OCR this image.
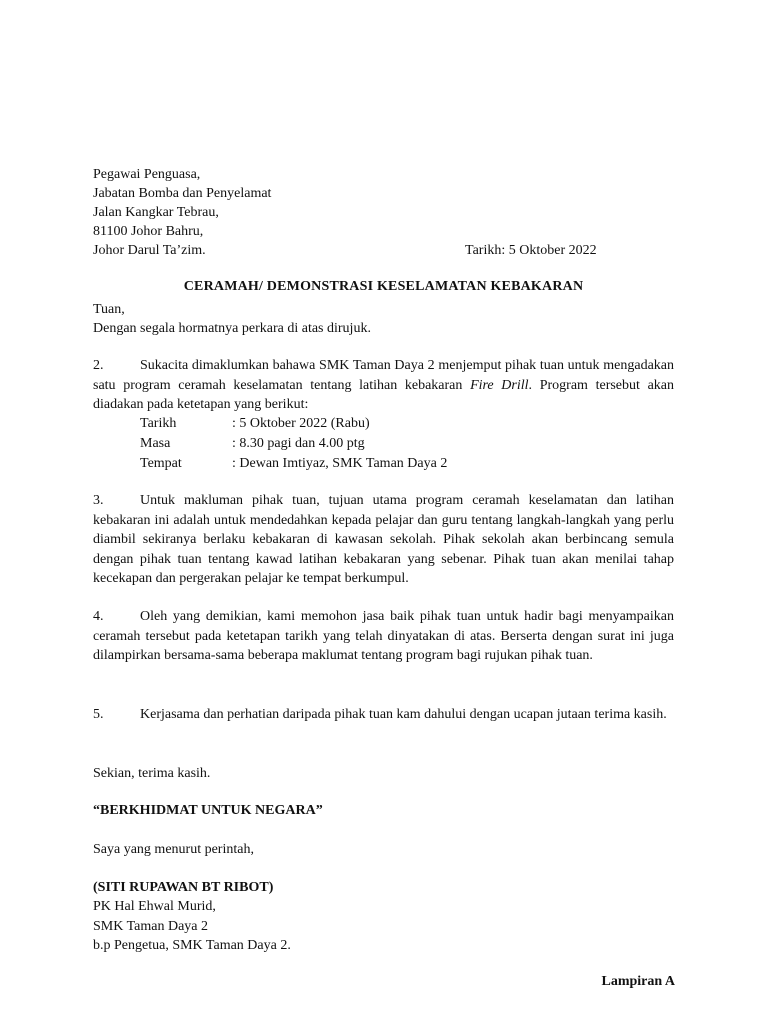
Pegawai Penguasa,
Jabatan Bomba dan Penyelamat
Jalan Kangkar Tebrau,
81100 Johor Bahru,
Johor Darul Ta’zim.	Tarikh: 5 Oktober 2022
CERAMAH/ DEMONSTRASI KESELAMATAN KEBAKARAN
Tuan,
Dengan segala hormatnya perkara di atas dirujuk.
2.	Sukacita dimaklumkan bahawa SMK Taman Daya 2 menjemput pihak tuan untuk mengadakan satu program ceramah keselamatan tentang latihan kebakaran Fire Drill. Program tersebut akan diadakan pada ketetapan yang berikut:
Tarikh	: 5 Oktober 2022 (Rabu)
Masa	: 8.30 pagi dan 4.00 ptg
Tempat	: Dewan Imtiyaz, SMK Taman Daya 2
3.	Untuk makluman pihak tuan, tujuan utama program ceramah keselamatan dan latihan kebakaran ini adalah untuk mendedahkan kepada pelajar dan guru tentang langkah-langkah yang perlu diambil sekiranya berlaku kebakaran di kawasan sekolah. Pihak sekolah akan berbincang semula dengan pihak tuan tentang kawad latihan kebakaran yang sebenar. Pihak tuan akan menilai tahap kecekapan dan pergerakan pelajar ke tempat berkumpul.
4.	Oleh yang demikian, kami memohon jasa baik pihak tuan untuk hadir bagi menyampaikan ceramah tersebut pada ketetapan tarikh yang telah dinyatakan di atas. Berserta dengan surat ini juga dilampirkan bersama-sama beberapa maklumat tentang program bagi rujukan pihak tuan.
5.	Kerjasama dan perhatian daripada pihak tuan kam dahului dengan ucapan jutaan terima kasih.
Sekian, terima kasih.
“BERKHIDMAT UNTUK NEGARA”
Saya yang menurut perintah,
(SITI RUPAWAN BT RIBOT)
PK Hal Ehwal Murid,
SMK Taman Daya 2
b.p Pengetua, SMK Taman Daya 2.
Lampiran A
